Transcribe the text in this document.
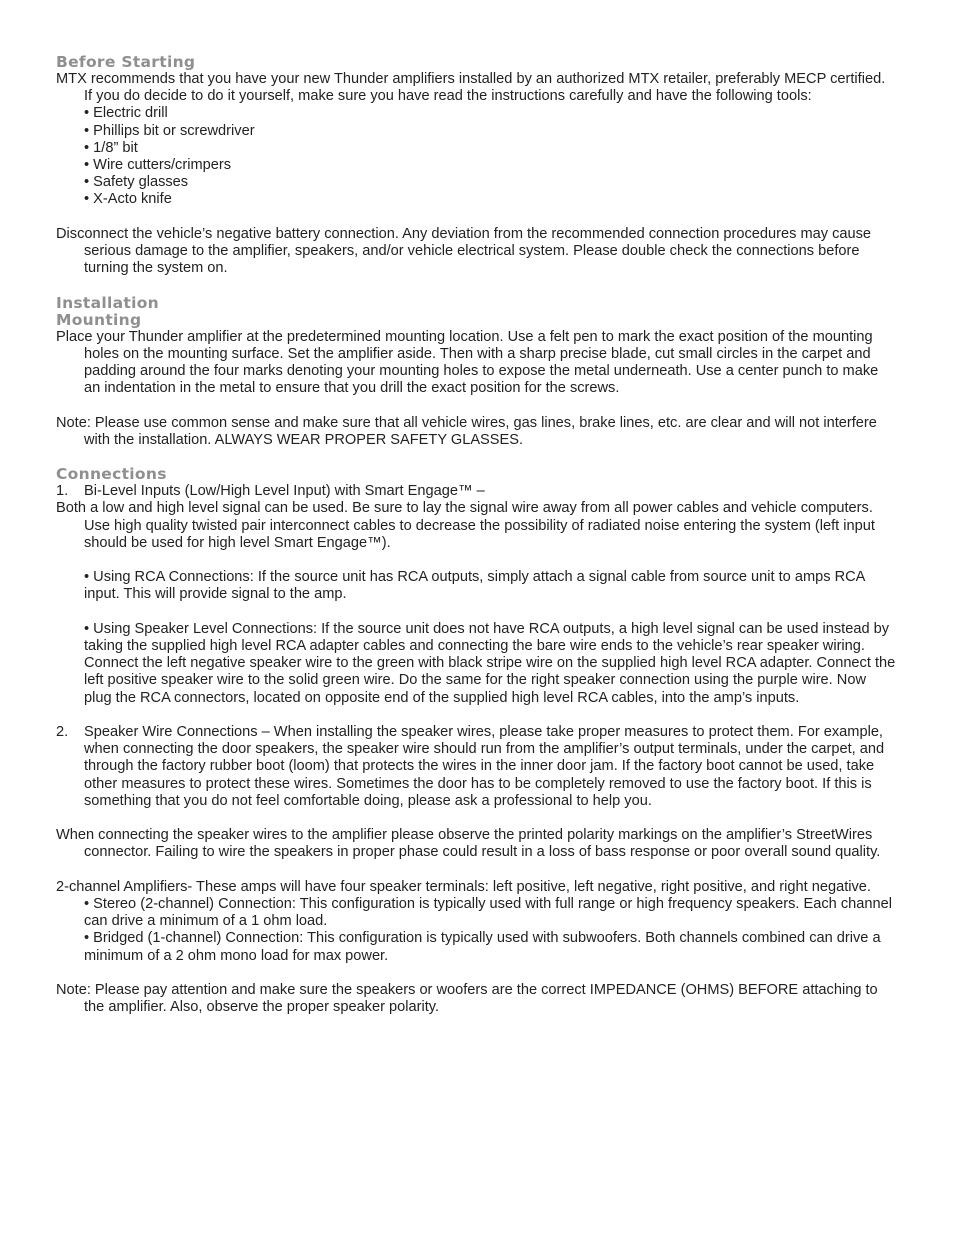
Before Starting

MTX recommends that you have your new Thunder amplifiers installed by an authorized MTX retailer, preferably MECP certified. If you do decide to do it yourself, make sure you have read the instructions carefully and have the following tools:

• Electric drill

• Phillips bit or screwdriver

• 1/8” bit

• Wire cutters/crimpers

• Safety glasses

• X-Acto knife

Disconnect the vehicle’s negative battery connection. Any deviation from the recommended connection procedures may cause serious damage to the amplifier, speakers, and/or vehicle electrical system. Please double check the connections before turning the system on.

Installation
Mounting

Place your Thunder amplifier at the predetermined mounting location. Use a felt pen to mark the exact position of the mounting holes on the mounting surface. Set the amplifier aside. Then with a sharp precise blade, cut small circles in the carpet and padding around the four marks denoting your mounting holes to expose the metal underneath. Use a center punch to make an indentation in the metal to ensure that you drill the exact position for the screws.

Note: Please use common sense and make sure that all vehicle wires, gas lines, brake lines, etc. are clear and will not interfere with the installation. ALWAYS WEAR PROPER SAFETY GLASSES.

Connections

1. Bi-Level Inputs (Low/High Level Input) with Smart Engage™ –

Both a low and high level signal can be used. Be sure to lay the signal wire away from all power cables and vehicle computers. Use high quality twisted pair interconnect cables to decrease the possibility of radiated noise entering the system (left input should be used for high level Smart Engage™).

• Using RCA Connections: If the source unit has RCA outputs, simply attach a signal cable from source unit to amps RCA input. This will provide signal to the amp.

• Using Speaker Level Connections: If the source unit does not have RCA outputs, a high level signal can be used instead by taking the supplied high level RCA adapter cables and connecting the bare wire ends to the vehicle’s rear speaker wiring. Connect the left negative speaker wire to the green with black stripe wire on the supplied high level RCA adapter. Connect the left positive speaker wire to the solid green wire. Do the same for the right speaker connection using the purple wire. Now plug the RCA connectors, located on opposite end of the supplied high level RCA cables, into the amp’s inputs.

2. Speaker Wire Connections – When installing the speaker wires, please take proper measures to protect them. For example, when connecting the door speakers, the speaker wire should run from the amplifier’s output terminals, under the carpet, and through the factory rubber boot (loom) that protects the wires in the inner door jam. If the factory boot cannot be used, take other measures to protect these wires. Sometimes the door has to be completely removed to use the factory boot. If this is something that you do not feel comfortable doing, please ask a professional to help you.

When connecting the speaker wires to the amplifier please observe the printed polarity markings on the amplifier’s StreetWires connector. Failing to wire the speakers in proper phase could result in a loss of bass response or poor overall sound quality.

2-channel Amplifiers- These amps will have four speaker terminals: left positive, left negative, right positive, and right negative.

• Stereo (2-channel) Connection: This configuration is typically used with full range or high frequency speakers. Each channel can drive a minimum of a 1 ohm load.

• Bridged (1-channel) Connection: This configuration is typically used with subwoofers. Both channels combined can drive a minimum of a 2 ohm mono load for max power.

Note: Please pay attention and make sure the speakers or woofers are the correct IMPEDANCE (OHMS) BEFORE attaching to the amplifier. Also, observe the proper speaker polarity.
